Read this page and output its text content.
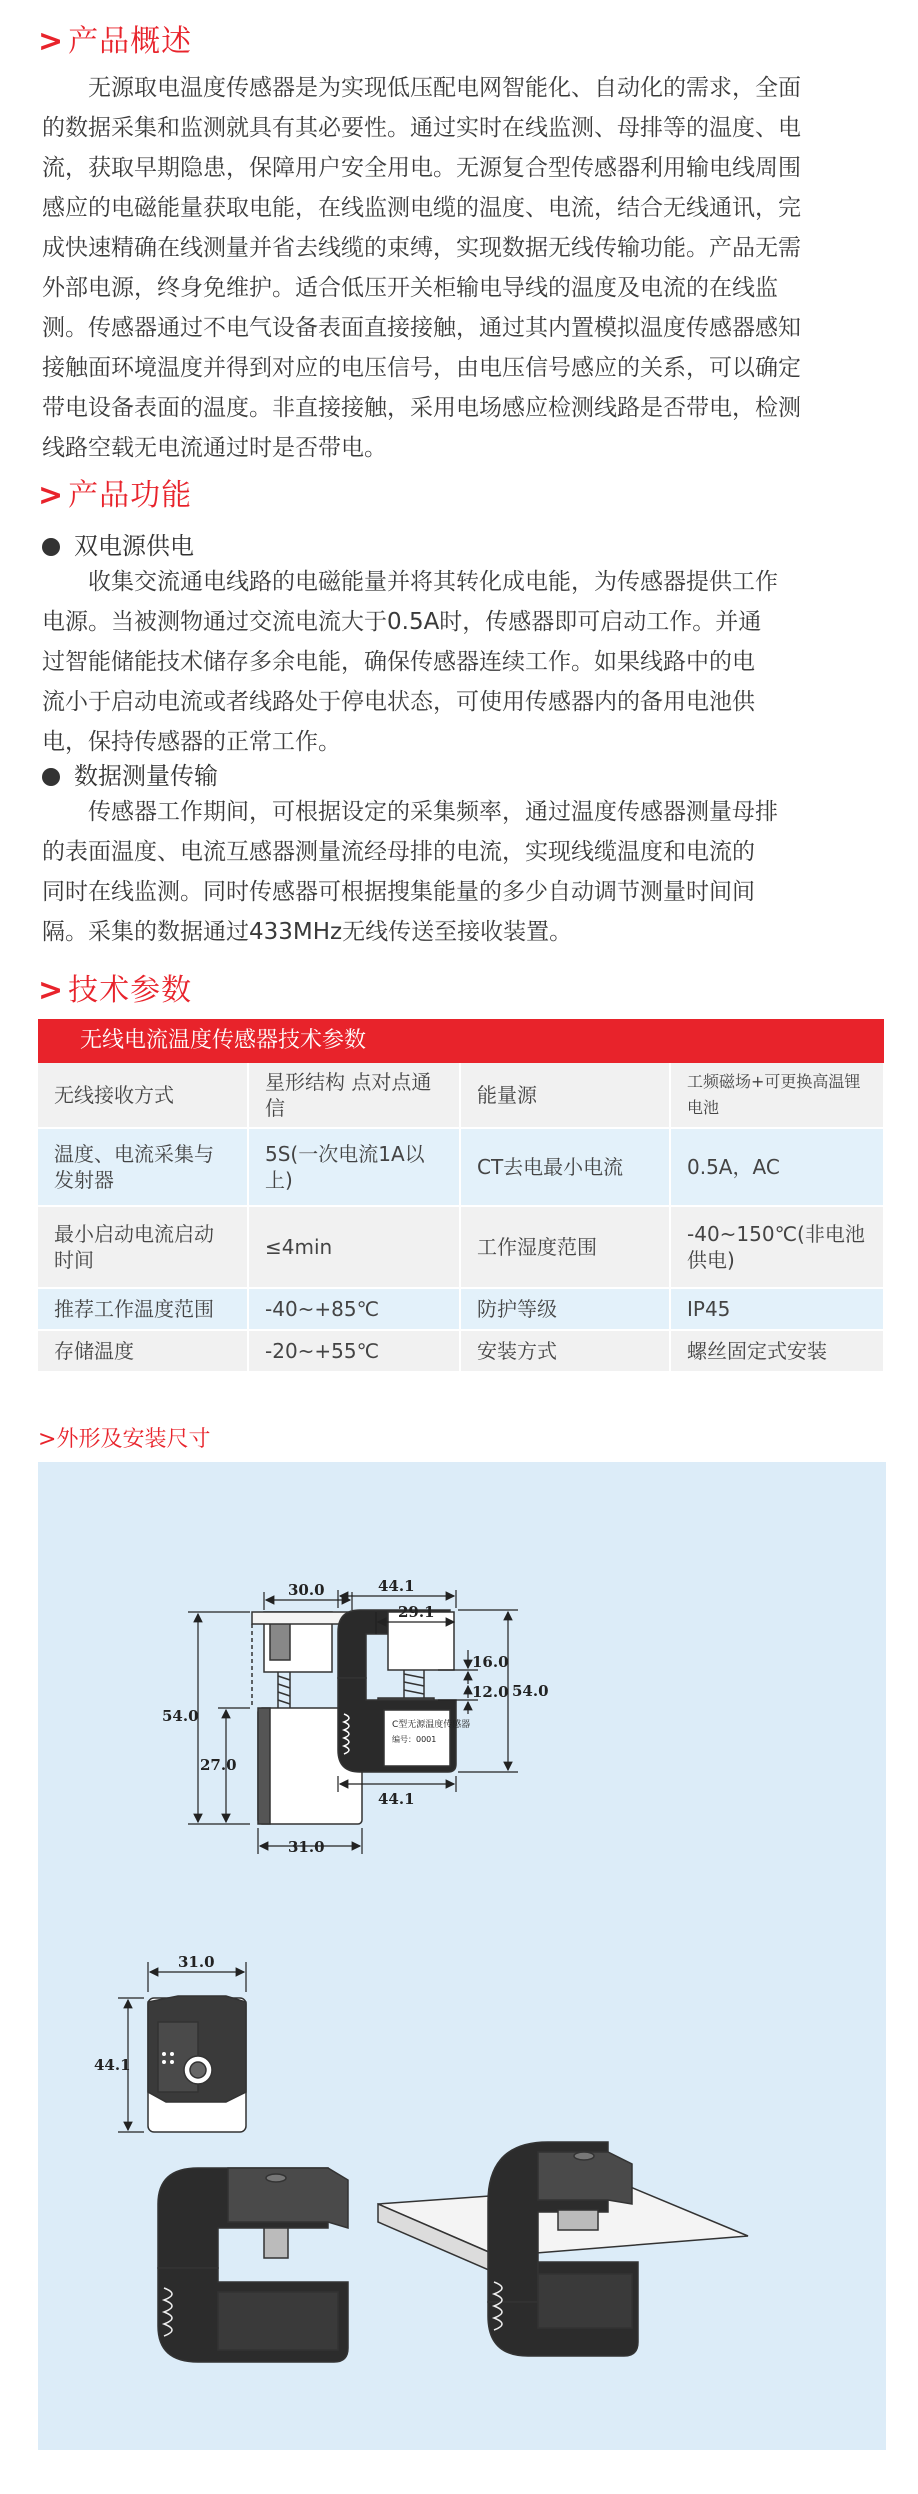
> 产品概述
无源取电温度传感器是为实现低压配电网智能化、自动化的需求，全面
的数据采集和监测就具有其必要性。通过实时在线监测、母排等的温度、电
流，获取早期隐患，保障用户安全用电。无源复合型传感器利用输电线周围
感应的电磁能量获取电能，在线监测电缆的温度、电流，结合无线通讯，完
成快速精确在线测量并省去线缆的束缚，实现数据无线传输功能。产品无需
外部电源，终身免维护。适合低压开关柜输电导线的温度及电流的在线监
测。传感器通过不电气设备表面直接接触，通过其内置模拟温度传感器感知
接触面环境温度并得到对应的电压信号，由电压信号感应的关系，可以确定
带电设备表面的温度。非直接接触，采用电场感应检测线路是否带电，检测
线路空载无电流通过时是否带电。
> 产品功能
双电源供电
收集交流通电线路的电磁能量并将其转化成电能，为传感器提供工作
电源。当被测物通过交流电流大于0.5A时，传感器即可启动工作。并通
过智能储能技术储存多余电能，确保传感器连续工作。如果线路中的电
流小于启动电流或者线路处于停电状态，可使用传感器内的备用电池供
电，保持传感器的正常工作。
数据测量传输
传感器工作期间，可根据设定的采集频率，通过温度传感器测量母排
的表面温度、电流互感器测量流经母排的电流，实现线缆温度和电流的
同时在线监测。同时传感器可根据搜集能量的多少自动调节测量时间间
隔。采集的数据通过433MHz无线传送至接收装置。
> 技术参数
无线电流温度传感器技术参数
无线接收方式	星形结构 点对点通信	能量源	工频磁场+可更换高温锂电池
温度、电流采集与发射器	5S(一次电流1A以上)	CT去电最小电流	0.5A，AC
最小启动电流启动时间	≤4min	工作湿度范围	-40~150℃(非电池供电)
推荐工作温度范围	-40~+85℃	防护等级	IP45
存储温度	-20~+55℃	安装方式	螺丝固定式安装
>外形及安装尺寸
30.0
54.0
27.0
31.0
C型无源温度传感器
编号：0001
44.1
29.1
16.0
12.0 54.0
44.1
31.0
44.1
